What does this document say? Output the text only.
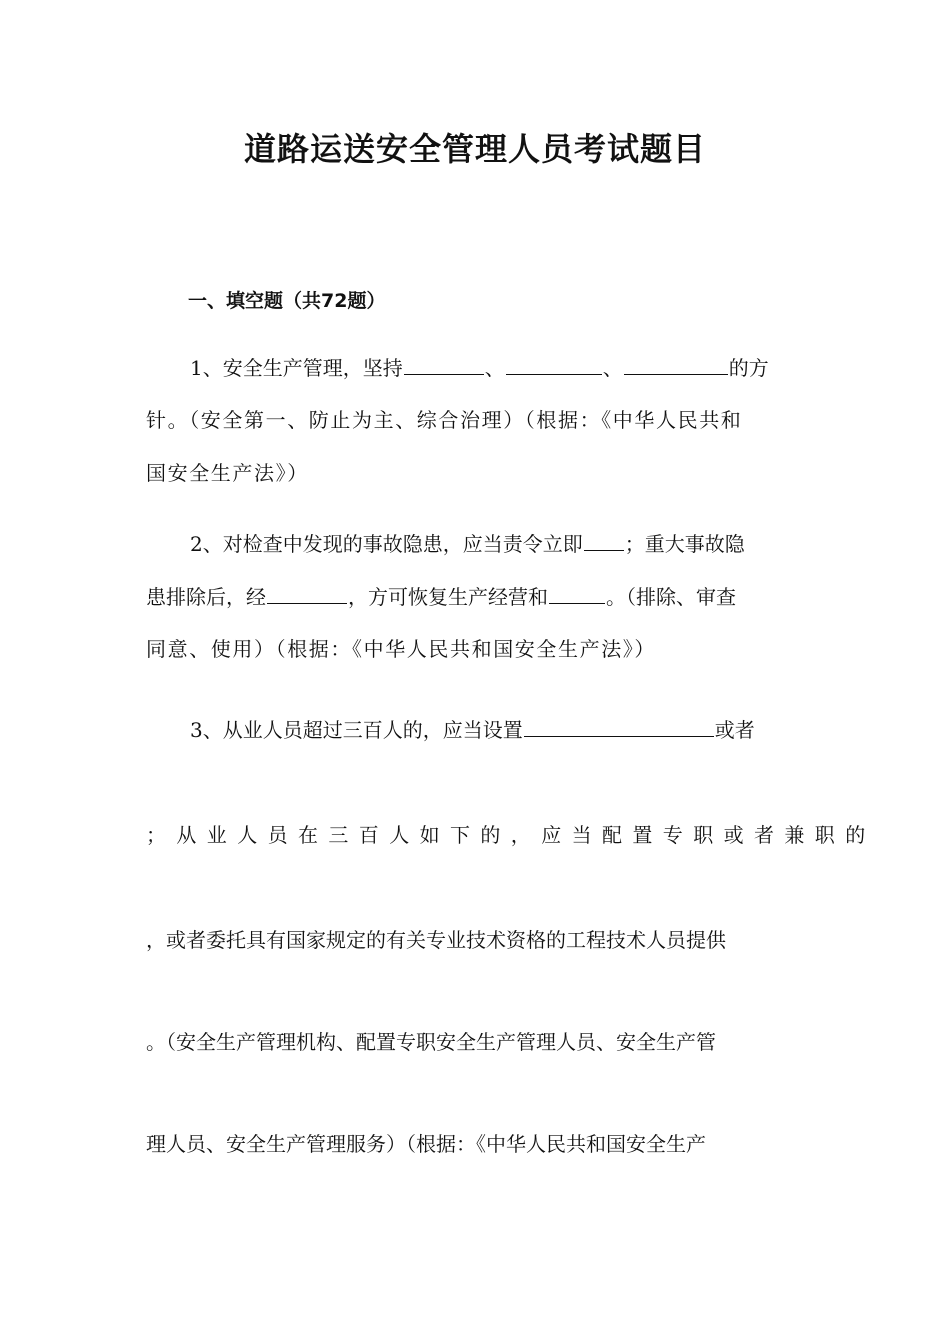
道路运送安全管理人员考试题目
一、填空题（共72题）
1、安全生产管理，坚持	、	、	的方
针。（安全第一、防止为主、综合治理）（根据：《中华人民共和
国安全生产法》）
2、对检查中发现的事故隐患，应当责令立即 ；重大事故隐
患排除后，经	，方可恢复生产经营和	。（排除、审查
同意、使用）（根据：《中华人民共和国安全生产法》）
3、从业人员超过三百人的，应当设置	或者
；从业人员在三百人如下的，应当配置专职或者兼职的
，或者委托具有国家规定的有关专业技术资格的工程技术人员提供
。（安全生产管理机构、配置专职安全生产管理人员、安全生产管
理人员、安全生产管理服务）（根据：《中华人民共和国安全生产
